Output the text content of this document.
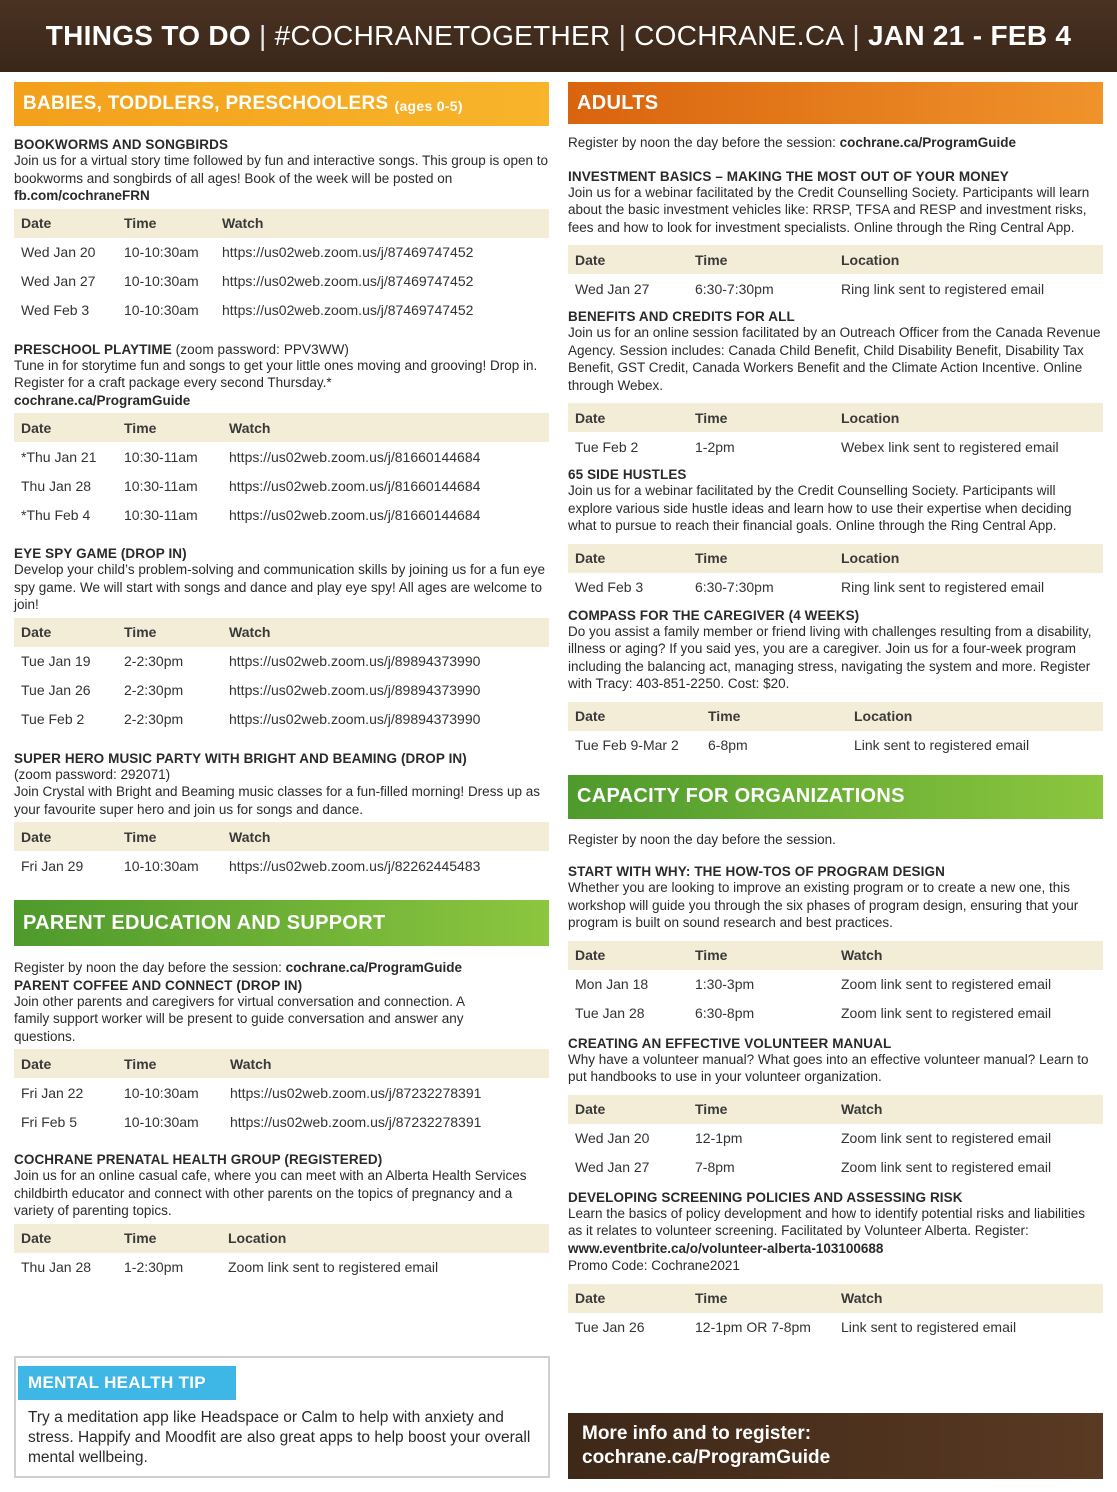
THINGS TO DO | #COCHRANETOGETHER | COCHRANE.CA | JAN 21 - FEB 4
BABIES, TODDLERS, PRESCHOOLERS (ages 0-5)
BOOKWORMS AND SONGBIRDS
Join us for a virtual story time followed by fun and interactive songs. This group is open to bookworms and songbirds of all ages! Book of the week will be posted on fb.com/cochraneFRN
Date	Time	Watch
Wed Jan 20	10-10:30am	https://us02web.zoom.us/j/87469747452
Wed Jan 27	10-10:30am	https://us02web.zoom.us/j/87469747452
Wed Feb 3	10-10:30am	https://us02web.zoom.us/j/87469747452
PRESCHOOL PLAYTIME (zoom password: PPV3WW)
Tune in for storytime fun and songs to get your little ones moving and grooving! Drop in. Register for a craft package every second Thursday.*
cochrane.ca/ProgramGuide
Date	Time	Watch
*Thu Jan 21	10:30-11am	https://us02web.zoom.us/j/81660144684
Thu Jan 28	10:30-11am	https://us02web.zoom.us/j/81660144684
*Thu Feb 4	10:30-11am	https://us02web.zoom.us/j/81660144684
EYE SPY GAME (DROP IN)
Develop your child’s problem-solving and communication skills by joining us for a fun eye spy game. We will start with songs and dance and play eye spy! All ages are welcome to join!
Date	Time	Watch
Tue Jan 19	2-2:30pm	https://us02web.zoom.us/j/89894373990
Tue Jan 26	2-2:30pm	https://us02web.zoom.us/j/89894373990
Tue Feb 2	2-2:30pm	https://us02web.zoom.us/j/89894373990
SUPER HERO MUSIC PARTY WITH BRIGHT AND BEAMING (DROP IN)
(zoom password: 292071)
Join Crystal with Bright and Beaming music classes for a fun-filled morning! Dress up as your favourite super hero and join us for songs and dance.
Date	Time	Watch
Fri Jan 29	10-10:30am	https://us02web.zoom.us/j/82262445483
PARENT EDUCATION AND SUPPORT
Register by noon the day before the session: cochrane.ca/ProgramGuide
PARENT COFFEE AND CONNECT (DROP IN)
Join other parents and caregivers for virtual conversation and connection. A family support worker will be present to guide conversation and answer any questions.
Date	Time	Watch
Fri Jan 22	10-10:30am	https://us02web.zoom.us/j/87232278391
Fri Feb 5	10-10:30am	https://us02web.zoom.us/j/87232278391
COCHRANE PRENATAL HEALTH GROUP (REGISTERED)
Join us for an online casual cafe, where you can meet with an Alberta Health Services childbirth educator and connect with other parents on the topics of pregnancy and a variety of parenting topics.
Date	Time	Location
Thu Jan 28	1-2:30pm	Zoom link sent to registered email
MENTAL HEALTH TIP
Try a meditation app like Headspace or Calm to help with anxiety and stress. Happify and Moodfit are also great apps to help boost your overall mental wellbeing.
ADULTS
Register by noon the day before the session: cochrane.ca/ProgramGuide
INVESTMENT BASICS – MAKING THE MOST OUT OF YOUR MONEY
Join us for a webinar facilitated by the Credit Counselling Society. Participants will learn about the basic investment vehicles like: RRSP, TFSA and RESP and investment risks, fees and how to look for investment specialists. Online through the Ring Central App.
Date	Time	Location
Wed Jan 27	6:30-7:30pm	Ring link sent to registered email
BENEFITS AND CREDITS FOR ALL
Join us for an online session facilitated by an Outreach Officer from the Canada Revenue Agency. Session includes: Canada Child Benefit, Child Disability Benefit, Disability Tax Benefit, GST Credit, Canada Workers Benefit and the Climate Action Incentive. Online through Webex.
Date	Time	Location
Tue Feb 2	1-2pm	Webex link sent to registered email
65 SIDE HUSTLES
Join us for a webinar facilitated by the Credit Counselling Society. Participants will explore various side hustle ideas and learn how to use their expertise when deciding what to pursue to reach their financial goals. Online through the Ring Central App.
Date	Time	Location
Wed Feb 3	6:30-7:30pm	Ring link sent to registered email
COMPASS FOR THE CAREGIVER (4 WEEKS)
Do you assist a family member or friend living with challenges resulting from a disability, illness or aging? If you said yes, you are a caregiver. Join us for a four-week program including the balancing act, managing stress, navigating the system and more. Register with Tracy: 403-851-2250. Cost: $20.
Date	Time	Location
Tue Feb 9-Mar 2	6-8pm	Link sent to registered email
CAPACITY FOR ORGANIZATIONS
Register by noon the day before the session.
START WITH WHY: THE HOW-TOS OF PROGRAM DESIGN
Whether you are looking to improve an existing program or to create a new one, this workshop will guide you through the six phases of program design, ensuring that your program is built on sound research and best practices.
Date	Time	Watch
Mon Jan 18	1:30-3pm	Zoom link sent to registered email
Tue Jan 28	6:30-8pm	Zoom link sent to registered email
CREATING AN EFFECTIVE VOLUNTEER MANUAL
Why have a volunteer manual? What goes into an effective volunteer manual? Learn to put handbooks to use in your volunteer organization.
Date	Time	Watch
Wed Jan 20	12-1pm	Zoom link sent to registered email
Wed Jan 27	7-8pm	Zoom link sent to registered email
DEVELOPING SCREENING POLICIES AND ASSESSING RISK
Learn the basics of policy development and how to identify potential risks and liabilities as it relates to volunteer screening. Facilitated by Volunteer Alberta. Register: www.eventbrite.ca/o/volunteer-alberta-103100688
Promo Code: Cochrane2021
Date	Time	Watch
Tue Jan 26	12-1pm OR 7-8pm	Link sent to registered email
More info and to register:
cochrane.ca/ProgramGuide
